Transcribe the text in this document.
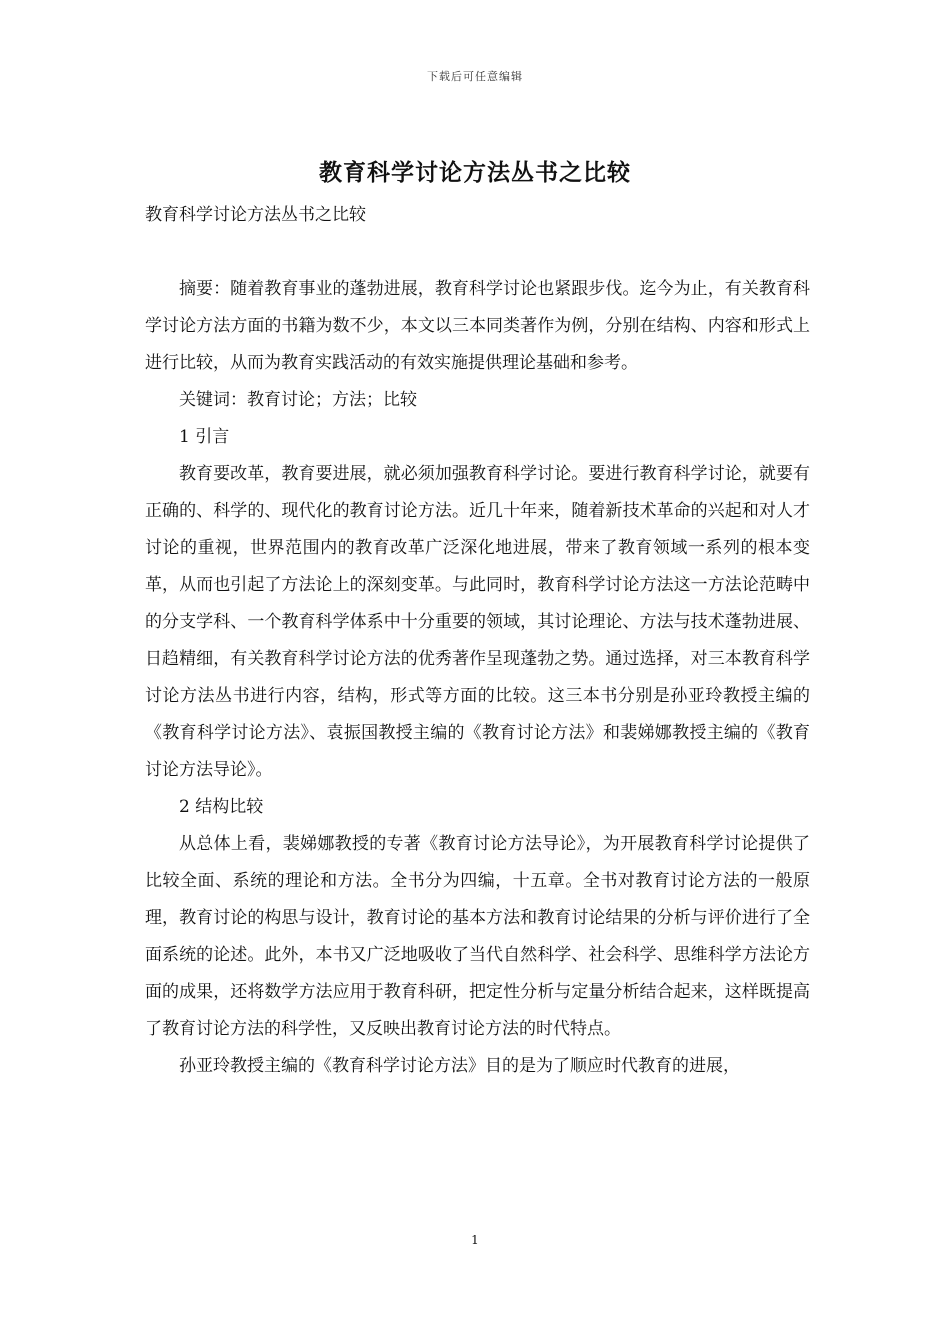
下载后可任意编辑
教育科学讨论方法丛书之比较
教育科学讨论方法丛书之比较

摘要：随着教育事业的蓬勃进展，教育科学讨论也紧跟步伐。迄今为止，有关教育科学讨论方法方面的书籍为数不少，本文以三本同类著作为例，分别在结构、内容和形式上进行比较，从而为教育实践活动的有效实施提供理论基础和参考。

关键词：教育讨论；方法；比较

1 引言

教育要改革，教育要进展，就必须加强教育科学讨论。要进行教育科学讨论，就要有正确的、科学的、现代化的教育讨论方法。近几十年来，随着新技术革命的兴起和对人才讨论的重视，世界范围内的教育改革广泛深化地进展，带来了教育领域一系列的根本变革，从而也引起了方法论上的深刻变革。与此同时，教育科学讨论方法这一方法论范畴中的分支学科、一个教育科学体系中十分重要的领域，其讨论理论、方法与技术蓬勃进展、日趋精细，有关教育科学讨论方法的优秀著作呈现蓬勃之势。通过选择，对三本教育科学讨论方法丛书进行内容，结构，形式等方面的比较。这三本书分别是孙亚玲教授主编的《教育科学讨论方法》、袁振国教授主编的《教育讨论方法》和裴娣娜教授主编的《教育讨论方法导论》。

2 结构比较

从总体上看，裴娣娜教授的专著《教育讨论方法导论》，为开展教育科学讨论提供了比较全面、系统的理论和方法。全书分为四编，十五章。全书对教育讨论方法的一般原理，教育讨论的构思与设计，教育讨论的基本方法和教育讨论结果的分析与评价进行了全面系统的论述。此外，本书又广泛地吸收了当代自然科学、社会科学、思维科学方法论方面的成果，还将数学方法应用于教育科研，把定性分析与定量分析结合起来，这样既提高了教育讨论方法的科学性，又反映出教育讨论方法的时代特点。

孙亚玲教授主编的《教育科学讨论方法》目的是为了顺应时代教育的进展，

1
